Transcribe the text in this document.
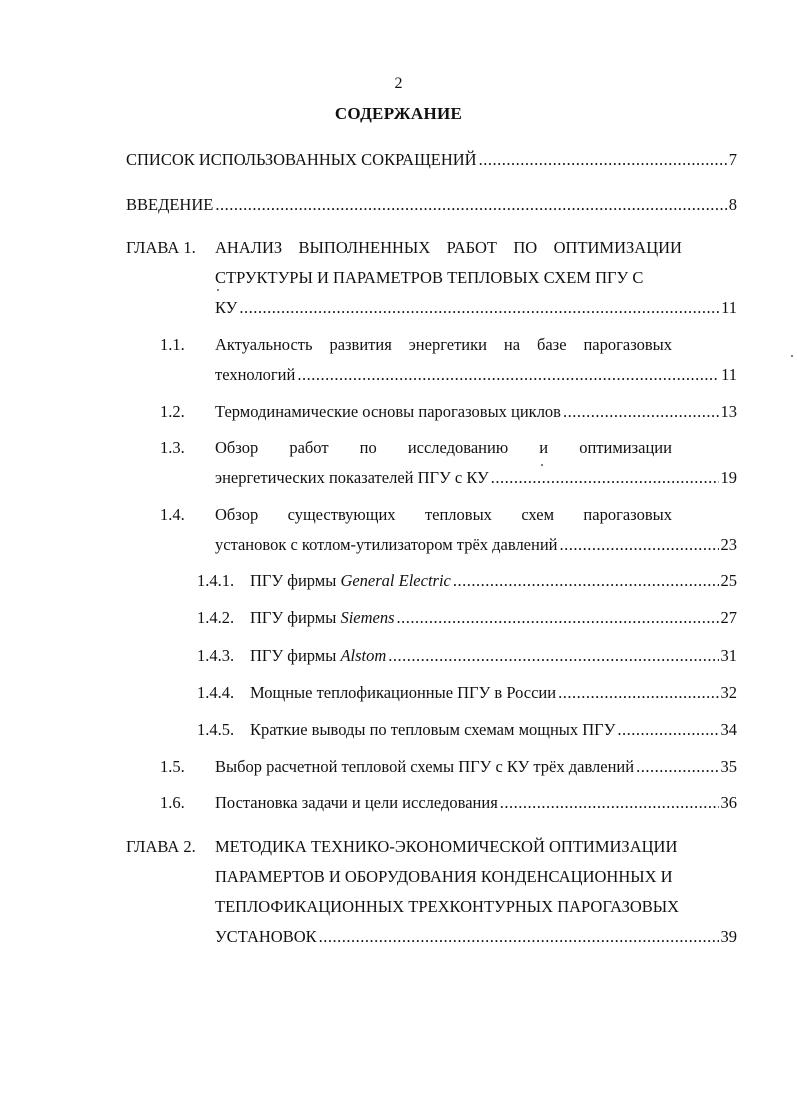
2
СОДЕРЖАНИЕ
СПИСОК ИСПОЛЬЗОВАННЫХ СОКРАЩЕНИЙ .....	7
ВВЕДЕНИЕ .....	8
ГЛАВА 1. АНАЛИЗ ВЫПОЛНЕННЫХ РАБОТ ПО ОПТИМИЗАЦИИ
СТРУКТУРЫ И ПАРАМЕТРОВ ТЕПЛОВЫХ СХЕМ ПГУ С
КУ .....	11
1.1. Актуальность развития энергетики на базе парогазовых
технологий .....	11
1.2. Термодинамические основы парогазовых циклов .....	13
1.3. Обзор работ по исследованию и оптимизации
энергетических показателей ПГУ с КУ .....	19
1.4. Обзор существующих тепловых схем парогазовых
установок с котлом-утилизатором трёх давлений .....	23
1.4.1. ПГУ фирмы General Electric .....	25
1.4.2. ПГУ фирмы Siemens .....	27
1.4.3. ПГУ фирмы Alstom .....	31
1.4.4. Мощные теплофикационные ПГУ в России .....	32
1.4.5. Краткие выводы по тепловым схемам мощных ПГУ .....	34
1.5. Выбор расчетной тепловой схемы ПГУ с КУ трёх давлений .....	35
1.6. Постановка задачи и цели исследования .....	36
ГЛАВА 2. МЕТОДИКА ТЕХНИКО-ЭКОНОМИЧЕСКОЙ ОПТИМИЗАЦИИ
ПАРАМЕРТОВ И ОБОРУДОВАНИЯ КОНДЕНСАЦИОННЫХ И
ТЕПЛОФИКАЦИОННЫХ ТРЕХКОНТУРНЫХ ПАРОГАЗОВЫХ
УСТАНОВОК .....	39
